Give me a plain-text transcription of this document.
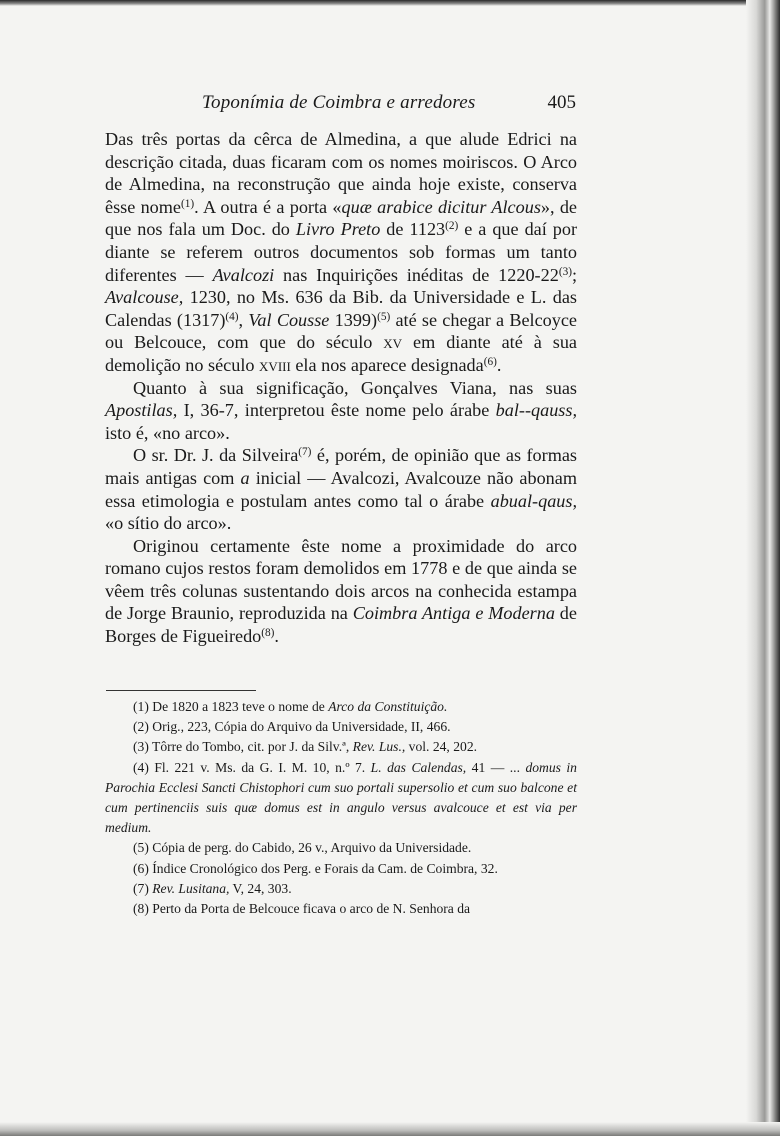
Toponímia de Coimbra e arredores	405

Das três portas da cêrca de Almedina, a que alude Edrici na descrição citada, duas ficaram com os nomes moiriscos. O Arco de Almedina, na reconstrução que ainda hoje existe, conserva êsse nome$^{(1)}$. A outra é a porta «quæ arabice dicitur Alcous», de que nos fala um Doc. do Livro Preto de 1123$^{(2)}$ e a que daí por diante se referem outros documentos sob formas um tanto diferentes — Avalcozi nas Inquirições inéditas de 1220-22$^{(3)}$; Avalcouse, 1230, no Ms. 636 da Bib. da Universidade e L. das Calendas $(1317)^{(4)}$, Val Cousse 1399)$^{(5)}$ até se chegar a Belcoyce ou Belcouce, com que do século xv em diante até à sua demolição no século xviii ela nos aparece designada$^{(6)}$.

Quanto à sua significação, Gonçalves Viana, nas suas Apostilas, I, 36-7, interpretou êste nome pelo árabe bal--qauss, isto é, «no arco».

O sr. Dr. J. da Silveira$^{(7)}$ é, porém, de opinião que as formas mais antigas com a inicial — Avalcozi, Avalcouze não abonam essa etimologia e postulam antes como tal o árabe abual-qaus, «o sítio do arco».

Originou certamente êste nome a proximidade do arco romano cujos restos foram demolidos em 1778 e de que ainda se vêem três colunas sustentando dois arcos na conhecida estampa de Jorge Braunio, reproduzida na Coimbra Antiga e Moderna de Borges de Figueiredo$^{(8)}$.

(1) De 1820 a 1823 teve o nome de Arco da Constituição.

(2) Orig., 223, Cópia do Arquivo da Universidade, II, 466.

(3) Tôrre do Tombo, cit. por J. da Silv.ª, Rev. Lus., vol. 24, 202.

(4) Fl. 221 v. Ms. da G. I. M. 10, n.º 7. L. das Calendas, 41 — ... domus in Parochia Ecclesi Sancti Chistophori cum suo portali supersolio et cum suo balcone et cum pertinenciis suis quæ domus est in angulo versus avalcouce et est via per medium.

(5) Cópia de perg. do Cabido, 26 v., Arquivo da Universidade.

(6) Índice Cronológico dos Perg. e Forais da Cam. de Coimbra, 32.

(7) Rev. Lusitana, V, 24, 303.

(8) Perto da Porta de Belcouce ficava o arco de N. Senhora da
